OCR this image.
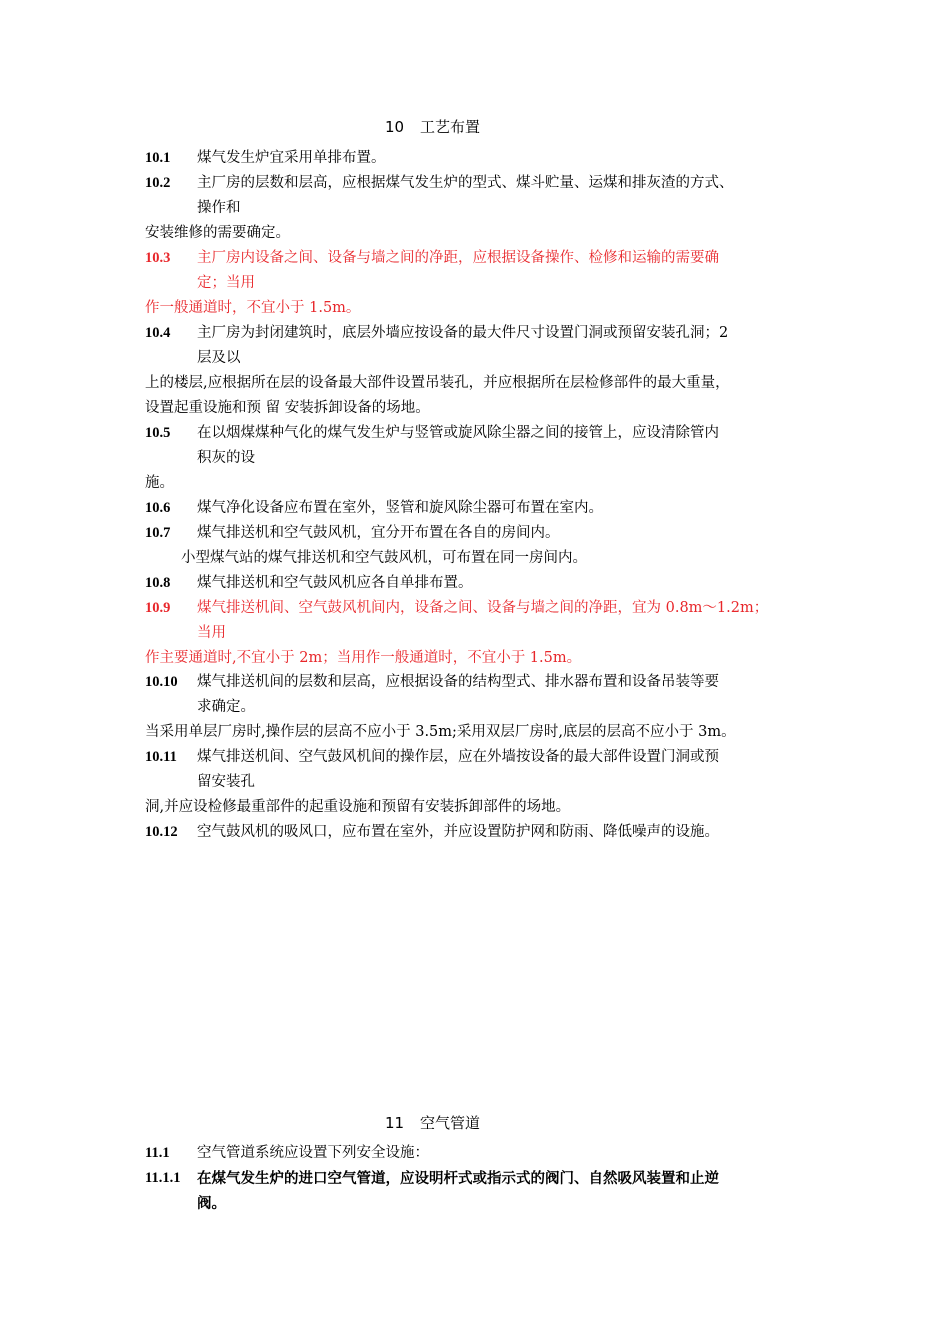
10 工艺布置
10.1 煤气发生炉宜采用单排布置。
10.2 主厂房的层数和层高，应根据煤气发生炉的型式、煤斗贮量、运煤和排灰渣的方式、
操作和
安装维修的需要确定。
10.3 主厂房内设备之间、设备与墙之间的净距，应根据设备操作、检修和运输的需要确
定；当用
作一般通道时，不宜小于 1.5m。
10.4 主厂房为封闭建筑时，底层外墙应按设备的最大件尺寸设置门洞或预留安装孔洞；2
层及以
上的楼层,应根据所在层的设备最大部件设置吊装孔，并应根据所在层检修部件的最大重量，
设置起重设施和预 留 安装拆卸设备的场地。
10.5 在以烟煤煤种气化的煤气发生炉与竖管或旋风除尘器之间的接管上，应设清除管内
积灰的设
施。
10.6 煤气净化设备应布置在室外，竖管和旋风除尘器可布置在室内。
10.7 煤气排送机和空气鼓风机，宜分开布置在各自的房间内。
小型煤气站的煤气排送机和空气鼓风机，可布置在同一房间内。
10.8 煤气排送机和空气鼓风机应各自单排布置。
10.9 煤气排送机间、空气鼓风机间内，设备之间、设备与墙之间的净距，宜为 0.8m～1.2m；
当用
作主要通道时,不宜小于 2m；当用作一般通道时，不宜小于 1.5m。
10.10 煤气排送机间的层数和层高，应根据设备的结构型式、排水器布置和设备吊装等要
求确定。
当采用单层厂房时,操作层的层高不应小于 3.5m;采用双层厂房时,底层的层高不应小于 3m。
10.11 煤气排送机间、空气鼓风机间的操作层，应在外墙按设备的最大部件设置门洞或预
留安装孔
洞,并应设检修最重部件的起重设施和预留有安装拆卸部件的场地。
10.12 空气鼓风机的吸风口，应布置在室外，并应设置防护网和防雨、降低噪声的设施。
11 空气管道
11.1 空气管道系统应设置下列安全设施：
11.1.1 在煤气发生炉的进口空气管道，应设明杆式或指示式的阀门、自然吸风装置和止逆
阀。
